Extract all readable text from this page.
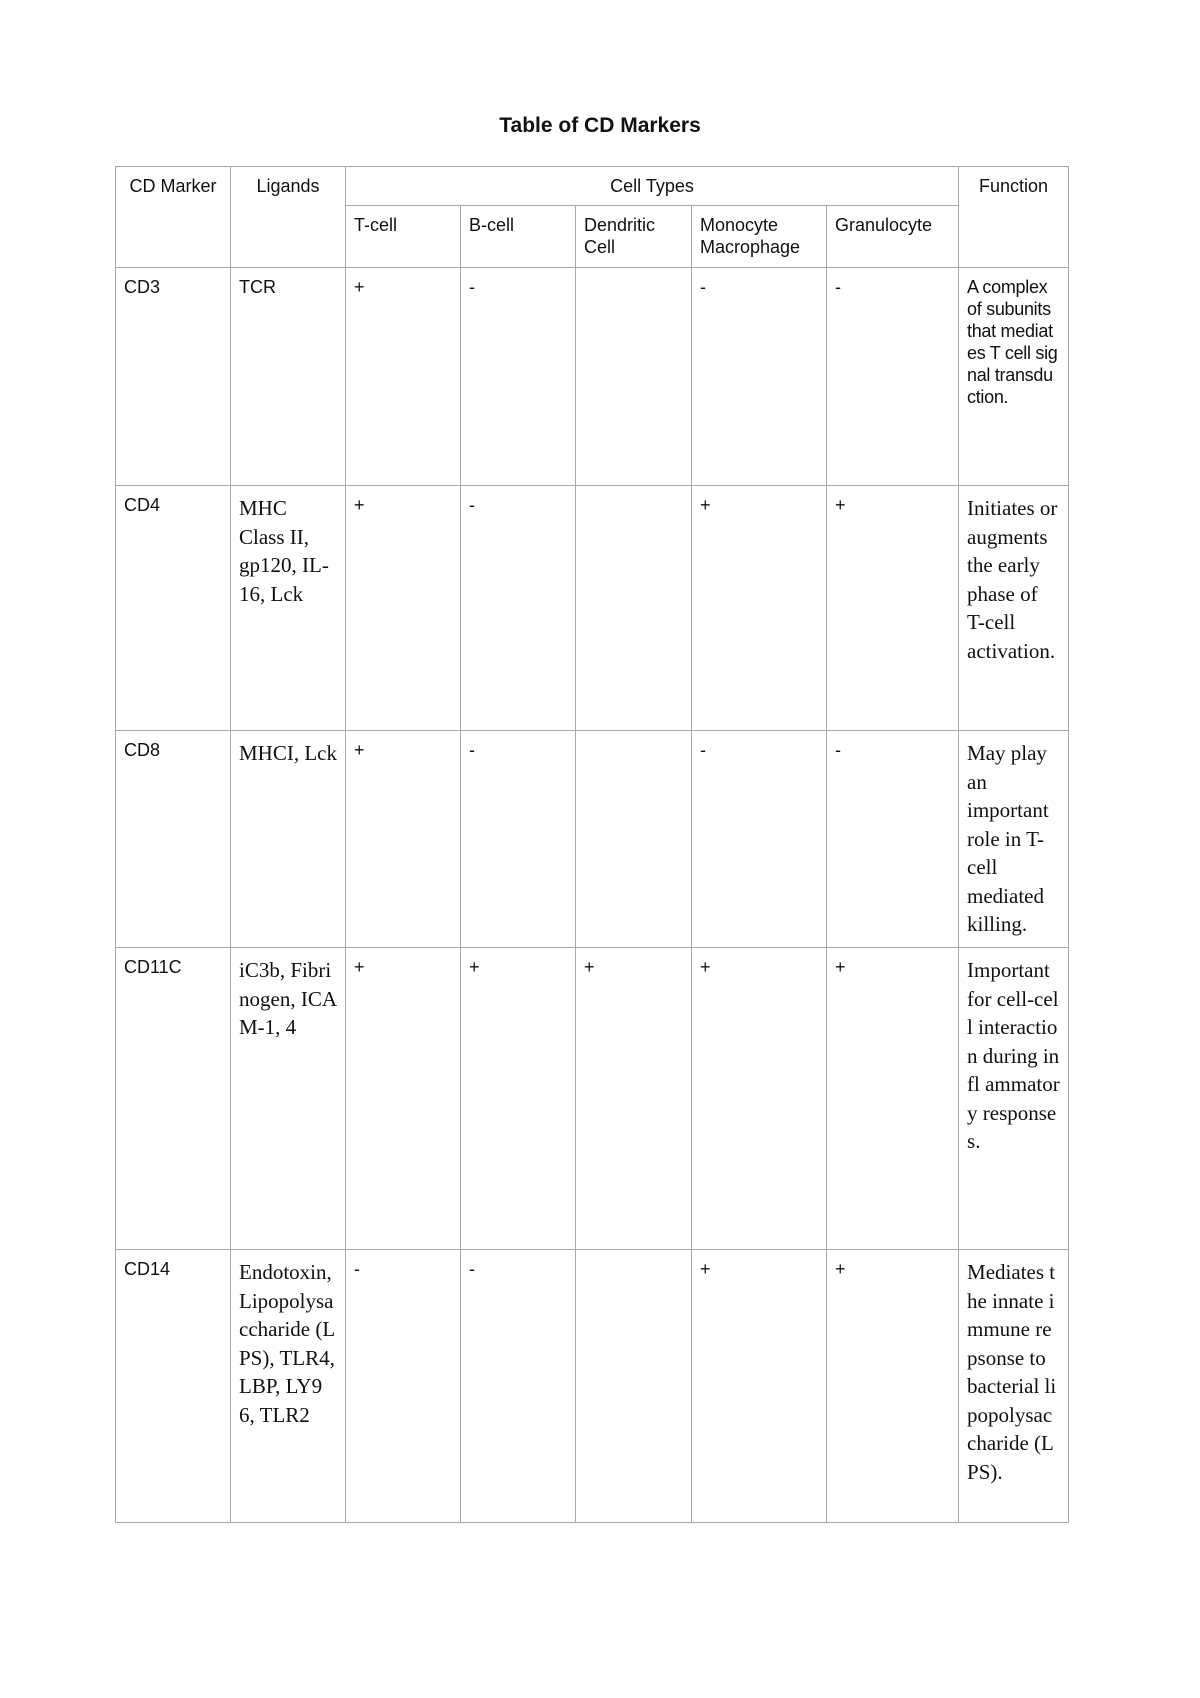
Table of CD Markers
CD Marker	Ligands	Cell Types					Function
		T-cell	B-cell	Dendritic Cell	Monocyte Macrophage	Granulocyte	
CD3	TCR	+	-		-	-	A complex of subunits that mediates T cell signal transduction.
CD4	MHC Class II, gp120, IL-16, Lck	+	-		+	+	Initiates or augments the early phase of T-cell activation.
CD8	MHCI, Lck	+	-		-	-	May play an important role in T-cell mediated killing.
CD11C	iC3b, Fibrinogen, ICAM-1, 4	+	+	+	+	+	Important for cell-cell interaction during infl ammatory responses.
CD14	Endotoxin, Lipopolysaccharide (LPS), TLR4, LBP, LY96, TLR2	-	-		+	+	Mediates the innate immune repsonse to bacterial lipopolysaccharide (LPS).
